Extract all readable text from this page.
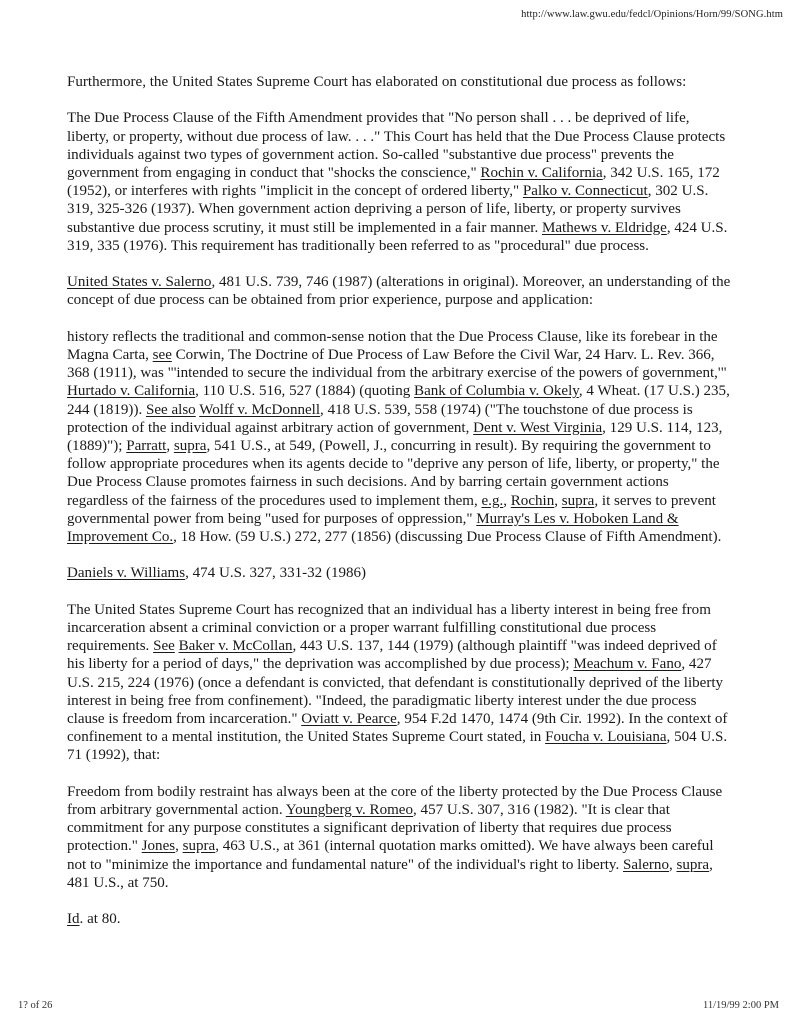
http://www.law.gwu.edu/fedcl/Opinions/Horn/99/SONG.htm

Furthermore, the United States Supreme Court has elaborated on constitutional due process as follows:

The Due Process Clause of the Fifth Amendment provides that "No person shall . . . be deprived of life, liberty, or property, without due process of law. . . ." This Court has held that the Due Process Clause protects individuals against two types of government action. So-called "substantive due process" prevents the government from engaging in conduct that "shocks the conscience," Rochin v. California, 342 U.S. 165, 172 (1952), or interferes with rights "implicit in the concept of ordered liberty," Palko v. Connecticut, 302 U.S. 319, 325-326 (1937). When government action depriving a person of life, liberty, or property survives substantive due process scrutiny, it must still be implemented in a fair manner. Mathews v. Eldridge, 424 U.S. 319, 335 (1976). This requirement has traditionally been referred to as "procedural" due process.

United States v. Salerno, 481 U.S. 739, 746 (1987) (alterations in original). Moreover, an understanding of the concept of due process can be obtained from prior experience, purpose and application:

history reflects the traditional and common-sense notion that the Due Process Clause, like its forebear in the Magna Carta, see Corwin, The Doctrine of Due Process of Law Before the Civil War, 24 Harv. L. Rev. 366, 368 (1911), was "'intended to secure the individual from the arbitrary exercise of the powers of government,'" Hurtado v. California, 110 U.S. 516, 527 (1884) (quoting Bank of Columbia v. Okely, 4 Wheat. (17 U.S.) 235, 244 (1819)). See also Wolff v. McDonnell, 418 U.S. 539, 558 (1974) ("The touchstone of due process is protection of the individual against arbitrary action of government, Dent v. West Virginia, 129 U.S. 114, 123, (1889)"); Parratt, supra, 541 U.S., at 549, (Powell, J., concurring in result). By requiring the government to follow appropriate procedures when its agents decide to "deprive any person of life, liberty, or property," the Due Process Clause promotes fairness in such decisions. And by barring certain government actions regardless of the fairness of the procedures used to implement them, e.g., Rochin, supra, it serves to prevent governmental power from being "used for purposes of oppression," Murray's Les v. Hoboken Land & Improvement Co., 18 How. (59 U.S.) 272, 277 (1856) (discussing Due Process Clause of Fifth Amendment).

Daniels v. Williams, 474 U.S. 327, 331-32 (1986)

The United States Supreme Court has recognized that an individual has a liberty interest in being free from incarceration absent a criminal conviction or a proper warrant fulfilling constitutional due process requirements. See Baker v. McCollan, 443 U.S. 137, 144 (1979) (although plaintiff "was indeed deprived of his liberty for a period of days," the deprivation was accomplished by due process); Meachum v. Fano, 427 U.S. 215, 224 (1976) (once a defendant is convicted, that defendant is constitutionally deprived of the liberty interest in being free from confinement). "Indeed, the paradigmatic liberty interest under the due process clause is freedom from incarceration." Oviatt v. Pearce, 954 F.2d 1470, 1474 (9th Cir. 1992). In the context of confinement to a mental institution, the United States Supreme Court stated, in Foucha v. Louisiana, 504 U.S. 71 (1992), that:

Freedom from bodily restraint has always been at the core of the liberty protected by the Due Process Clause from arbitrary governmental action. Youngberg v. Romeo, 457 U.S. 307, 316 (1982). "It is clear that commitment for any purpose constitutes a significant deprivation of liberty that requires due process protection." Jones, supra, 463 U.S., at 361 (internal quotation marks omitted). We have always been careful not to "minimize the importance and fundamental nature" of the individual's right to liberty. Salerno, supra, 481 U.S., at 750.

Id. at 80.

1? of 26	11/19/99 2:00 PM
